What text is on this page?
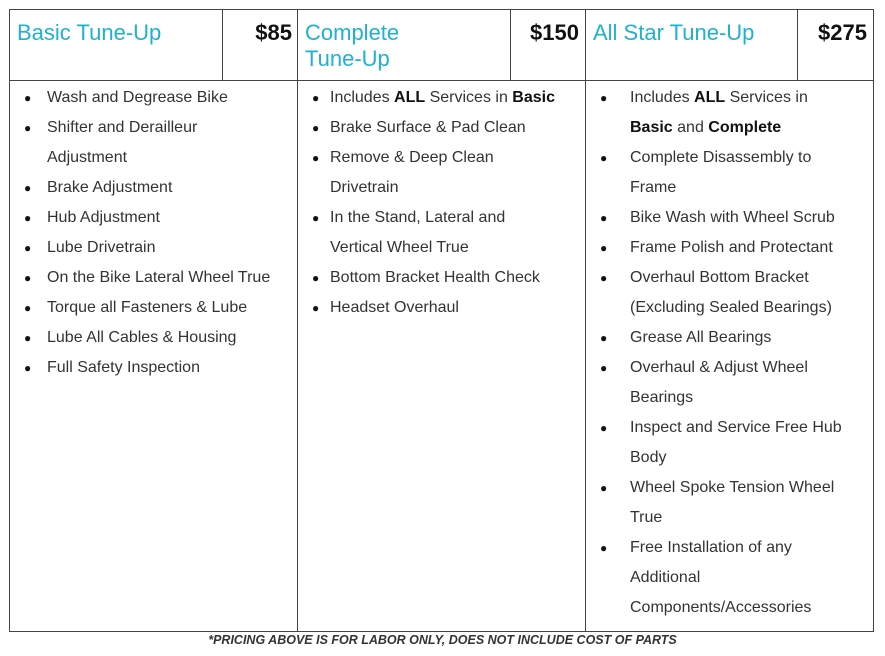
Basic Tune-Up	$85 Complete
Tune-Up
$150 All Star Tune-Up	$275
● Wash and Degrease Bike
● Shifter and Derailleur
Adjustment
● Brake Adjustment
● Hub Adjustment
● Lube Drivetrain
● On the Bike Lateral Wheel True
● Torque all Fasteners & Lube
● Lube All Cables & Housing
● Full Safety Inspection
● Includes ALL Services in Basic
● Brake Surface & Pad Clean
● Remove & Deep Clean
Drivetrain
● In the Stand, Lateral and
Vertical Wheel True
● Bottom Bracket Health Check
● Headset Overhaul
● Includes ALL Services in
Basic and Complete
● Complete Disassembly to
Frame
● Bike Wash with Wheel Scrub
● Frame Polish and Protectant
● Overhaul Bottom Bracket
(Excluding Sealed Bearings)
● Grease All Bearings
● Overhaul & Adjust Wheel
Bearings
● Inspect and Service Free Hub
Body
● Wheel Spoke Tension Wheel
True
● Free Installation of any
Additional
Components/Accessories
*PRICING ABOVE IS FOR LABOR ONLY, DOES NOT INCLUDE COST OF PARTS
